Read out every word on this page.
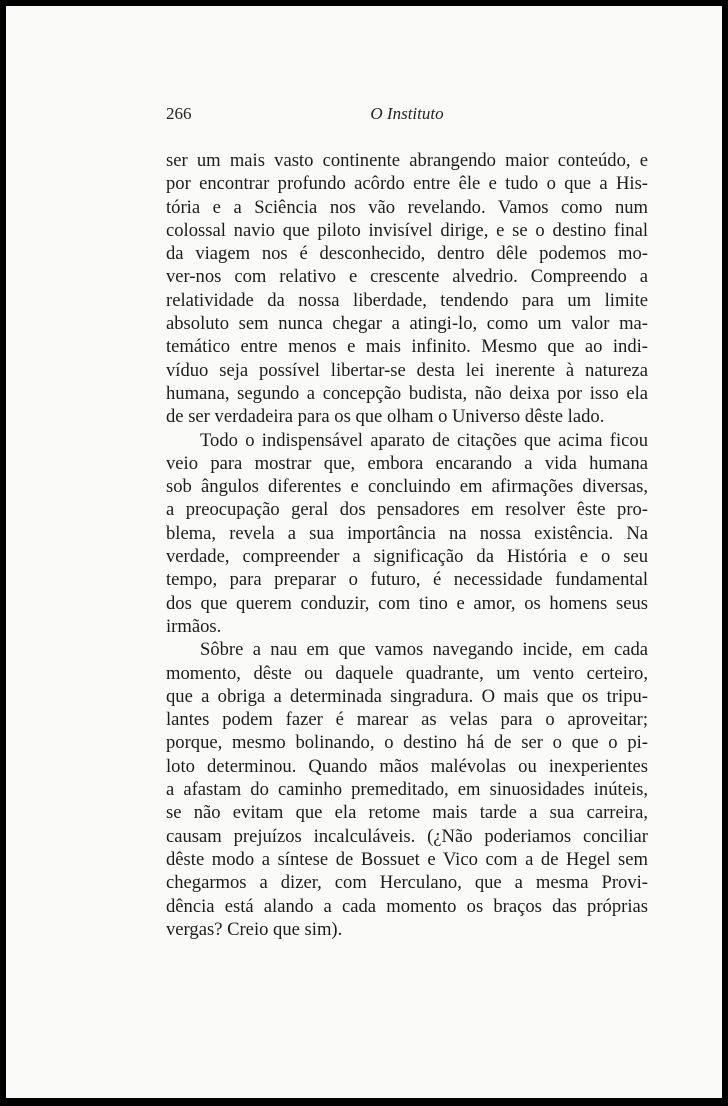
266	O Instituto
ser um mais vasto continente abrangendo maior conteúdo, e
por encontrar profundo acôrdo entre êle e tudo o que a His-
tória e a Sciência nos vão revelando. Vamos como num
colossal navio que piloto invisível dirige, e se o destino final
da viagem nos é desconhecido, dentro dêle podemos mo-
ver-nos com relativo e crescente alvedrio. Compreendo a
relatividade da nossa liberdade, tendendo para um limite
absoluto sem nunca chegar a atingi-lo, como um valor ma-
temático entre menos e mais infinito. Mesmo que ao indi-
víduo seja possível libertar-se desta lei inerente à natureza
humana, segundo a concepção budista, não deixa por isso ela
de ser verdadeira para os que olham o Universo dêste lado.
Todo o indispensável aparato de citações que acima ficou
veio para mostrar que, embora encarando a vida humana
sob ângulos diferentes e concluindo em afirmações diversas,
a preocupação geral dos pensadores em resolver êste pro-
blema, revela a sua importância na nossa existência. Na
verdade, compreender a significação da História e o seu
tempo, para preparar o futuro, é necessidade fundamental
dos que querem conduzir, com tino e amor, os homens seus
irmãos.
Sôbre a nau em que vamos navegando incide, em cada
momento, dêste ou daquele quadrante, um vento certeiro,
que a obriga a determinada singradura. O mais que os tripu-
lantes podem fazer é marear as velas para o aproveitar;
porque, mesmo bolinando, o destino há de ser o que o pi-
loto determinou. Quando mãos malévolas ou inexperientes
a afastam do caminho premeditado, em sinuosidades inúteis,
se não evitam que ela retome mais tarde a sua carreira,
causam prejuízos incalculáveis. (¿Não poderiamos conciliar
dêste modo a síntese de Bossuet e Vico com a de Hegel sem
chegarmos a dizer, com Herculano, que a mesma Provi-
dência está alando a cada momento os braços das próprias
vergas? Creio que sim).
